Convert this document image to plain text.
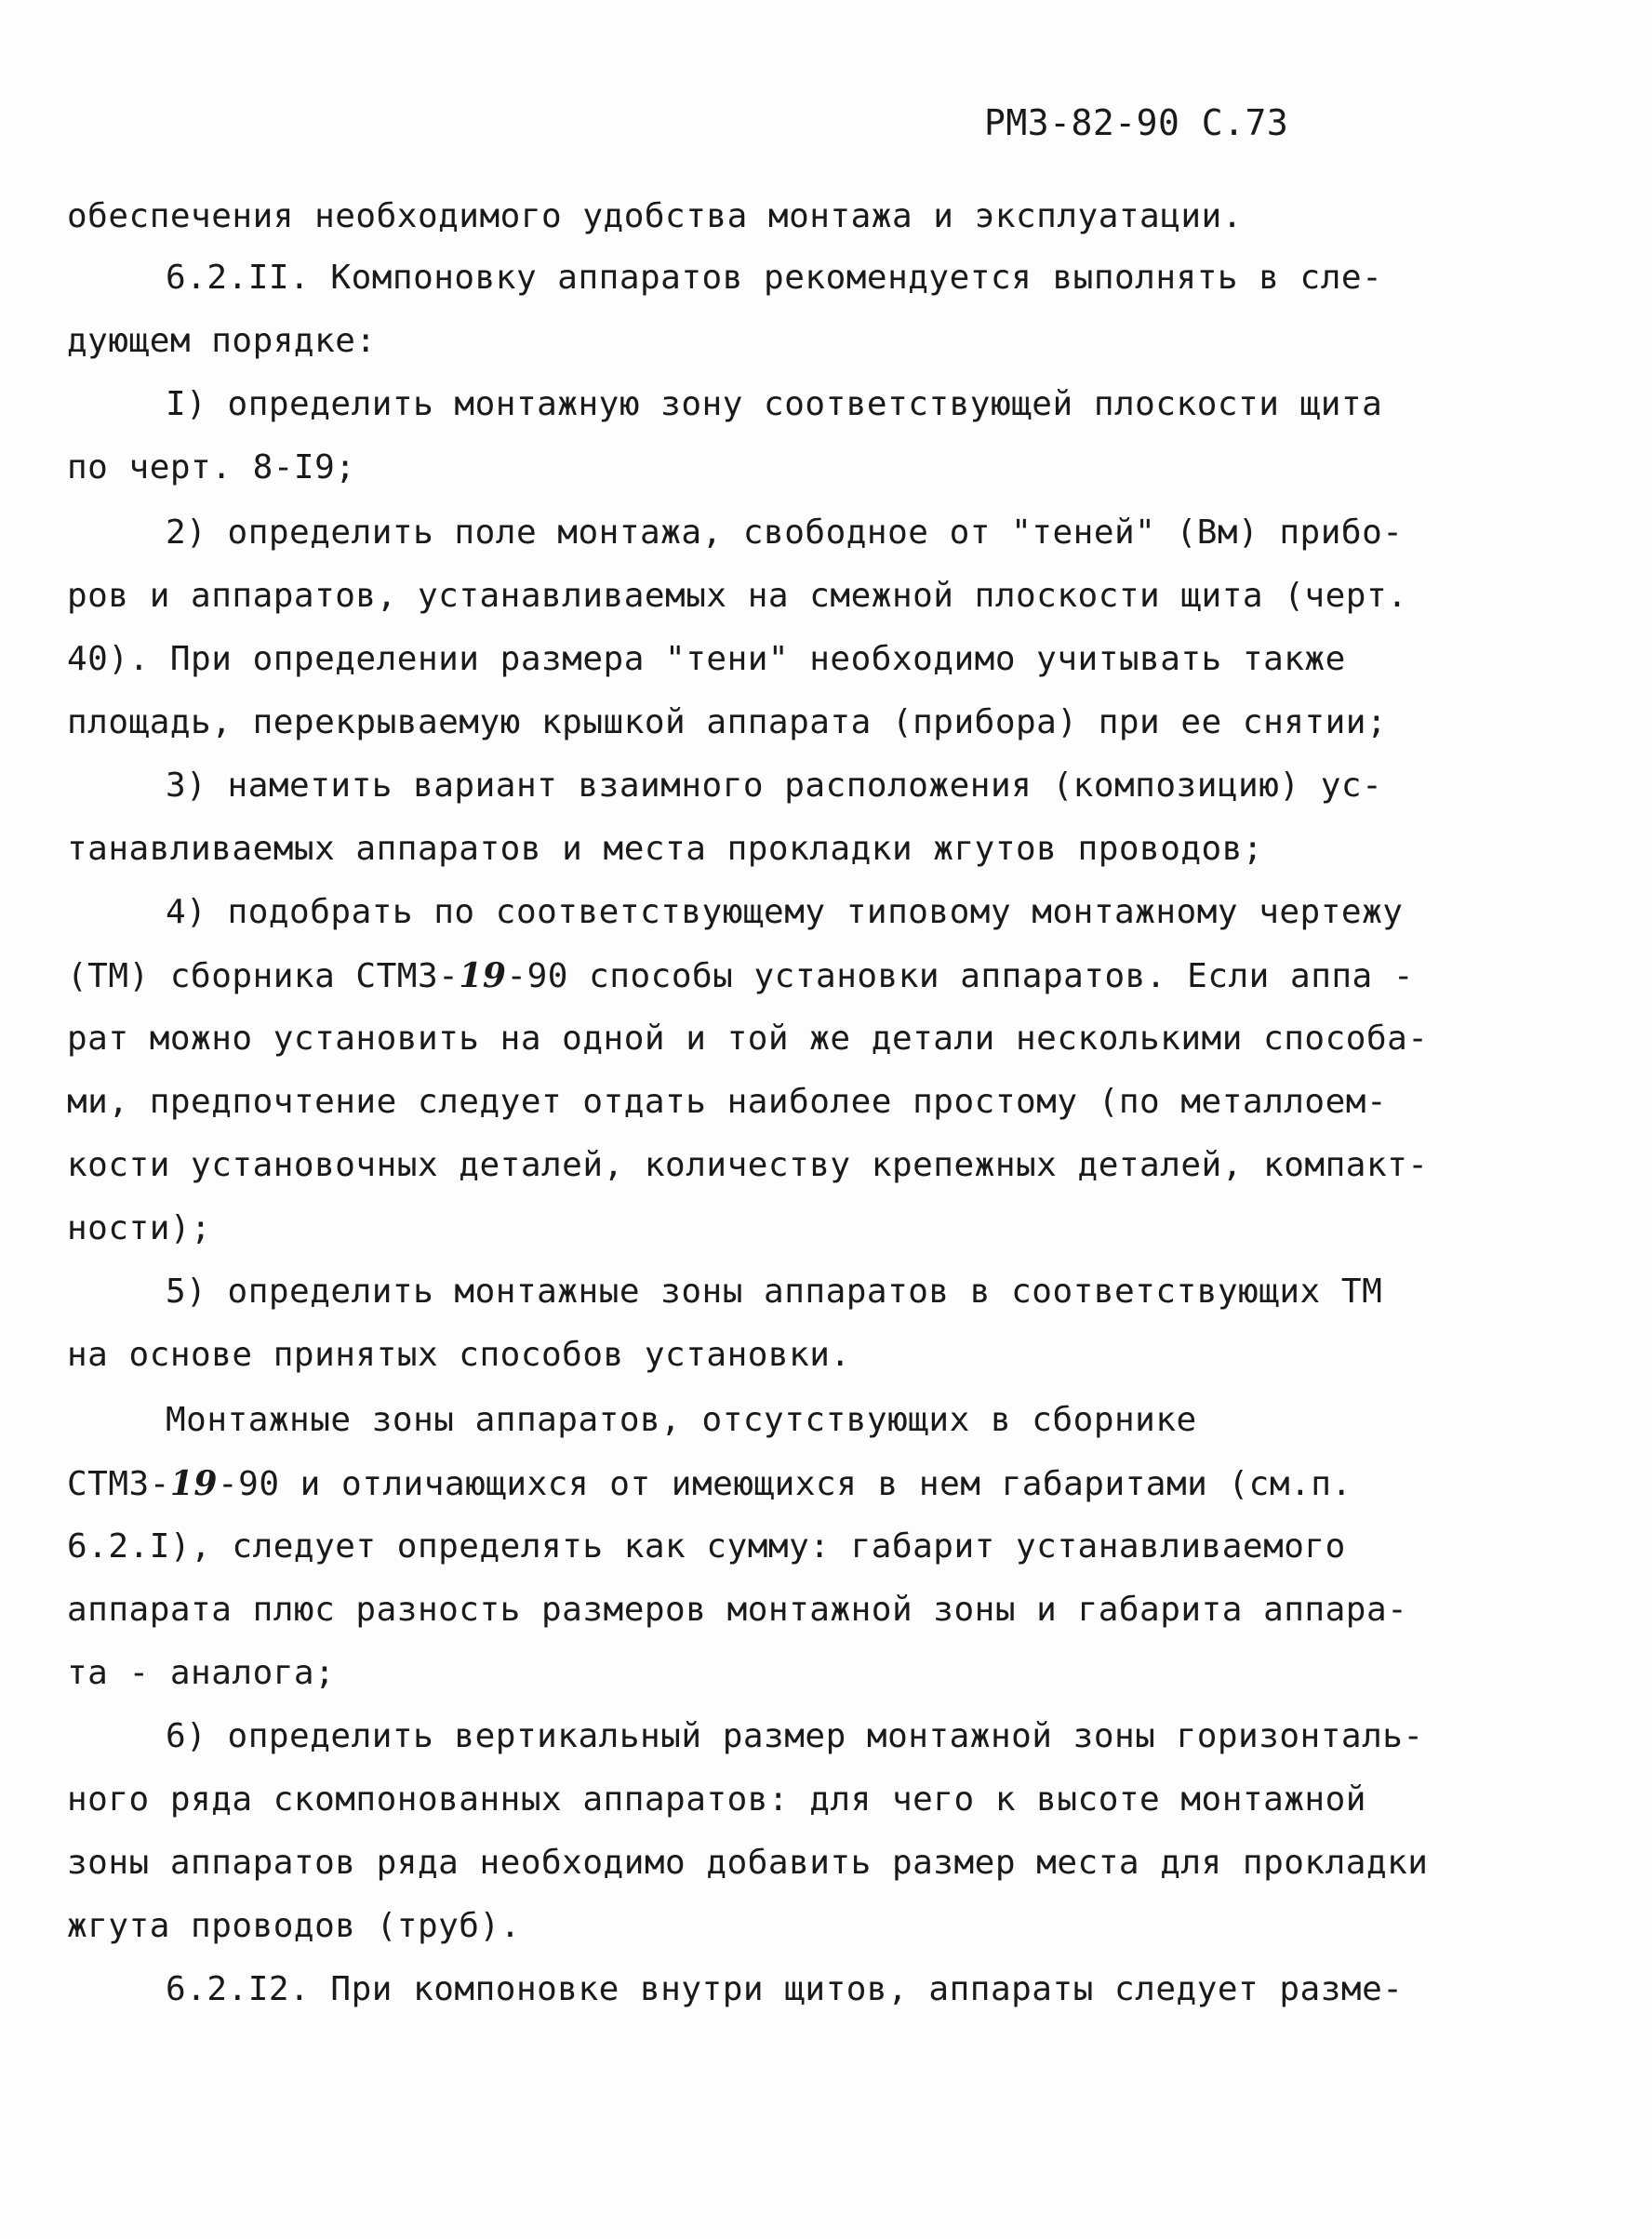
РМЗ-82-90 С.73
обеспечения необходимого удобства монтажа и эксплуатации.
6.2.II. Компоновку аппаратов рекомендуется выполнять в сле-
дующем порядке:
I) определить монтажную зону соответствующей плоскости щита
по черт. 8-I9;
2) определить поле монтажа, свободное от "теней" (Вм) прибо-
ров и аппаратов, устанавливаемых на смежной плоскости щита (черт.
40). При определении размера "тени" необходимо учитывать также
площадь, перекрываемую крышкой аппарата (прибора) при ее снятии;
3) наметить вариант взаимного расположения (композицию) ус-
танавливаемых аппаратов и места прокладки жгутов проводов;
4) подобрать по соответствующему типовому монтажному чертежу
(ТМ) сборника СТМЗ-19-90 способы установки аппаратов. Если аппа -
рат можно установить на одной и той же детали несколькими способа-
ми, предпочтение следует отдать наиболее простому (по металлоем-
кости установочных деталей, количеству крепежных деталей, компакт-
ности);
5) определить монтажные зоны аппаратов в соответствующих ТМ
на основе принятых способов установки.
Монтажные зоны аппаратов, отсутствующих в сборнике
СТМЗ-19-90 и отличающихся от имеющихся в нем габаритами (см.п.
6.2.I), следует определять как сумму: габарит устанавливаемого
аппарата плюс разность размеров монтажной зоны и габарита аппара-
та - аналога;
6) определить вертикальный размер монтажной зоны горизонталь-
ного ряда скомпонованных аппаратов: для чего к высоте монтажной
зоны аппаратов ряда необходимо добавить размер места для прокладки
жгута проводов (труб).
6.2.I2. При компоновке внутри щитов, аппараты следует разме-
